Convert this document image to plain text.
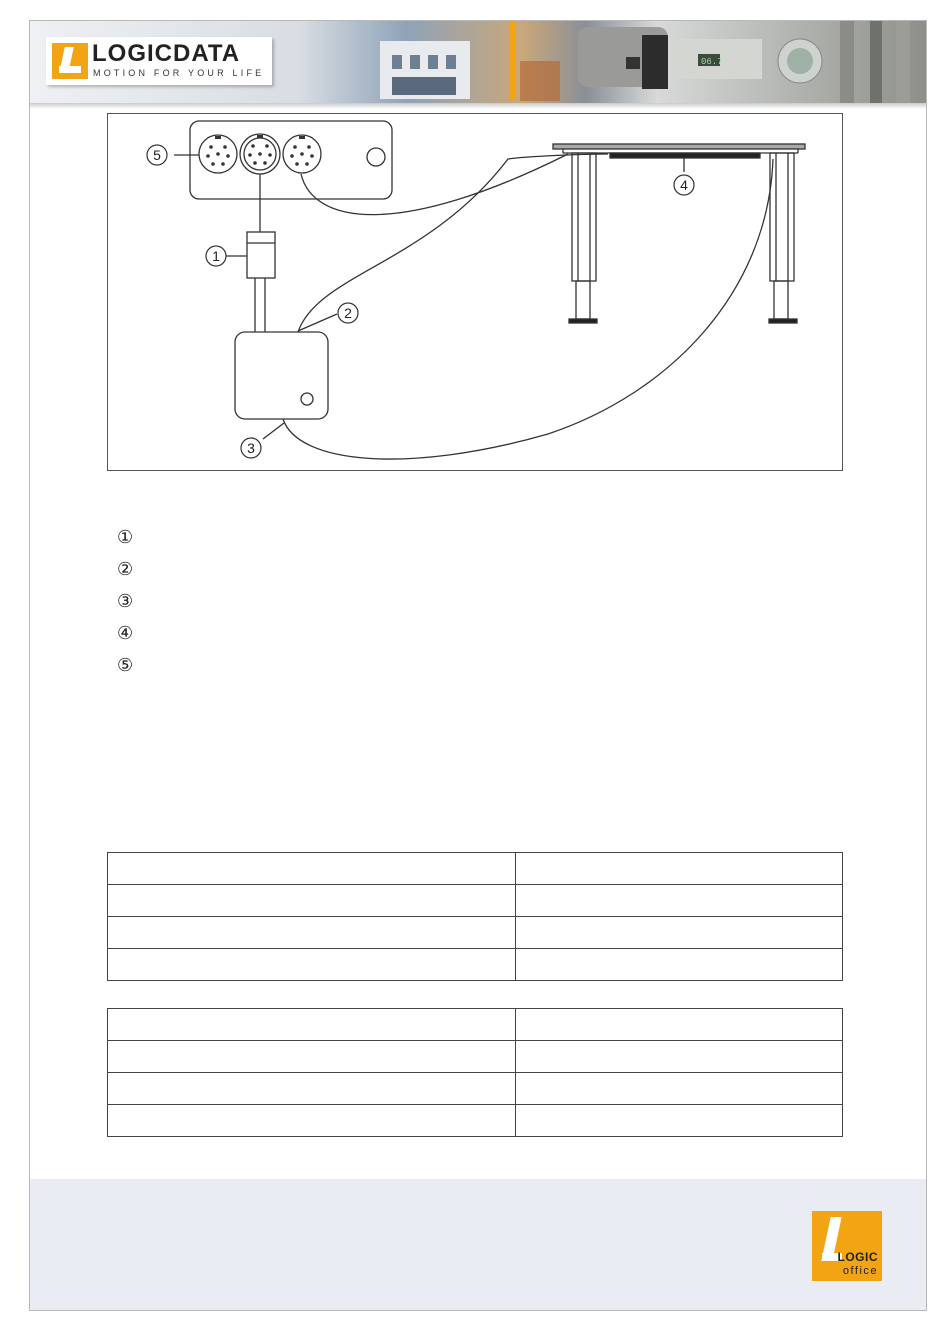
06.7
LOGICDATA
MOTION FOR YOUR LIFE
5
1
2
3
4
①
②
③
④
⑤

LOGIC
office
